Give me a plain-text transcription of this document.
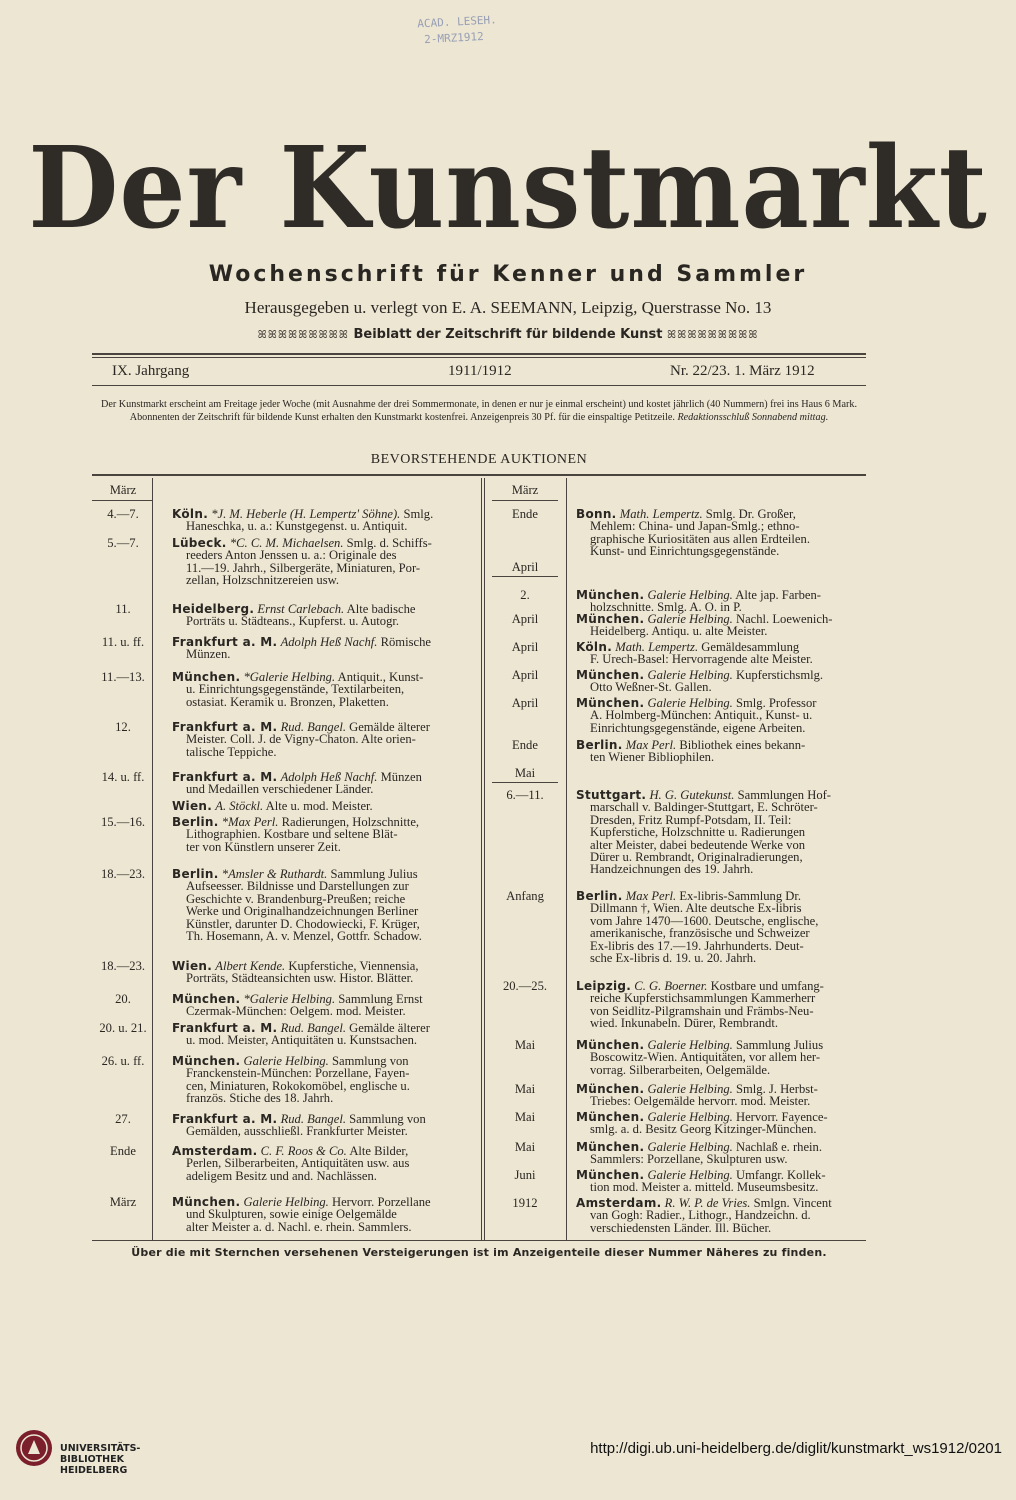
ACAD. LESEH.
2-MRZ1912
Der Kunstmarkt
Wochenschrift für Kenner und Sammler
Herausgegeben u. verlegt von E. A. SEEMANN, Leipzig, Querstrasse No. 13
ꕤꕤꕤꕤꕤꕤꕤꕤꕤ Beiblatt der Zeitschrift für bildende Kunst ꕤꕤꕤꕤꕤꕤꕤꕤꕤ
IX. Jahrgang	1911/1912	Nr. 22/23. 1. März 1912
Der Kunstmarkt erscheint am Freitage jeder Woche (mit Ausnahme der drei Sommermonate, in denen er nur je einmal erscheint) und kostet jährlich (40 Nummern) frei ins Haus 6 Mark. Abonnenten der Zeitschrift für bildende Kunst erhalten den Kunstmarkt kostenfrei. Anzeigenpreis 30 Pf. für die einspaltige Petitzeile. Redaktionsschluß Sonnabend mittag.
BEVORSTEHENDE AUKTIONEN
März	März
April
Mai
4.—7.	Köln. *J. M. Heberle (H. Lempertz' Söhne). Smlg.

Haneschka, u. a.: Kunstgegenst. u. Antiquit.

5.—7.	Lübeck. *C. C. M. Michaelsen. Smlg. d. Schiffs-

reeders Anton Jenssen u. a.: Originale des

11.—19. Jahrh., Silbergeräte, Miniaturen, Por-

zellan, Holzschnitzereien usw.

11.	Heidelberg. Ernst Carlebach. Alte badische

Porträts u. Städteans., Kupferst. u. Autogr.

11. u. ff.	Frankfurt a. M. Adolph Heß Nachf. Römische

Münzen.

11.—13.	München. *Galerie Helbing. Antiquit., Kunst-

u. Einrichtungsgegenstände, Textilarbeiten,

ostasiat. Keramik u. Bronzen, Plaketten.

12.	Frankfurt a. M. Rud. Bangel. Gemälde älterer

Meister. Coll. J. de Vigny-Chaton. Alte orien-

talische Teppiche.

14. u. ff.	Frankfurt a. M. Adolph Heß Nachf. Münzen

und Medaillen verschiedener Länder.

Wien. A. Stöckl. Alte u. mod. Meister.

15.—16.	Berlin. *Max Perl. Radierungen, Holzschnitte,

Lithographien. Kostbare und seltene Blät-

ter von Künstlern unserer Zeit.

18.—23.	Berlin. *Amsler & Ruthardt. Sammlung Julius

Aufseesser. Bildnisse und Darstellungen zur

Geschichte v. Brandenburg-Preußen; reiche

Werke und Originalhandzeichnungen Berliner

Künstler, darunter D. Chodowiecki, F. Krüger,

Th. Hosemann, A. v. Menzel, Gottfr. Schadow.

18.—23.	Wien. Albert Kende. Kupferstiche, Viennensia,

Porträts, Städteansichten usw. Histor. Blätter.

20.	München. *Galerie Helbing. Sammlung Ernst

Czermak-München: Oelgem. mod. Meister.

20. u. 21.	Frankfurt a. M. Rud. Bangel. Gemälde älterer

u. mod. Meister, Antiquitäten u. Kunstsachen.

26. u. ff.	München. Galerie Helbing. Sammlung von

Franckenstein-München: Porzellane, Fayen-

cen, Miniaturen, Rokokomöbel, englische u.

französ. Stiche des 18. Jahrh.

27.	Frankfurt a. M. Rud. Bangel. Sammlung von

Gemälden, ausschließl. Frankfurter Meister.

Ende	Amsterdam. C. F. Roos & Co. Alte Bilder,

Perlen, Silberarbeiten, Antiquitäten usw. aus

adeligem Besitz und and. Nachlässen.

März	München. Galerie Helbing. Hervorr. Porzellane

und Skulpturen, sowie einige Oelgemälde

alter Meister a. d. Nachl. e. rhein. Sammlers.

Ende	Bonn. Math. Lempertz. Smlg. Dr. Großer,

Mehlem: China- und Japan-Smlg.; ethno-

graphische Kuriositäten aus allen Erdteilen.

Kunst- und Einrichtungsgegenstände.

2.	München. Galerie Helbing. Alte jap. Farben-

holzschnitte. Smlg. A. O. in P.

April	München. Galerie Helbing. Nachl. Loewenich-

Heidelberg. Antiqu. u. alte Meister.

April	Köln. Math. Lempertz. Gemäldesammlung

F. Urech-Basel: Hervorragende alte Meister.

April	München. Galerie Helbing. Kupferstichsmlg.

Otto Weßner-St. Gallen.

April	München. Galerie Helbing. Smlg. Professor

A. Holmberg-München: Antiquit., Kunst- u.

Einrichtungsgegenstände, eigene Arbeiten.

Ende	Berlin. Max Perl. Bibliothek eines bekann-

ten Wiener Bibliophilen.

6.—11.	Stuttgart. H. G. Gutekunst. Sammlungen Hof-

marschall v. Baldinger-Stuttgart, E. Schröter-

Dresden, Fritz Rumpf-Potsdam, II. Teil:

Kupferstiche, Holzschnitte u. Radierungen

alter Meister, dabei bedeutende Werke von

Dürer u. Rembrandt, Originalradierungen,

Handzeichnungen des 19. Jahrh.

Anfang	Berlin. Max Perl. Ex-libris-Sammlung Dr.

Dillmann †, Wien. Alte deutsche Ex-libris

vom Jahre 1470—1600. Deutsche, englische,

amerikanische, französische und Schweizer

Ex-libris des 17.—19. Jahrhunderts. Deut-

sche Ex-libris d. 19. u. 20. Jahrh.

20.—25.	Leipzig. C. G. Boerner. Kostbare und umfang-

reiche Kupferstichsammlungen Kammerherr

von Seidlitz-Pilgramshain und Främbs-Neu-

wied. Inkunabeln. Dürer, Rembrandt.

Mai	München. Galerie Helbing. Sammlung Julius

Boscowitz-Wien. Antiquitäten, vor allem her-

vorrag. Silberarbeiten, Oelgemälde.

Mai	München. Galerie Helbing. Smlg. J. Herbst-

Triebes: Oelgemälde hervorr. mod. Meister.

Mai	München. Galerie Helbing. Hervorr. Fayence-

smlg. a. d. Besitz Georg Kitzinger-München.

Mai	München. Galerie Helbing. Nachlaß e. rhein.

Sammlers: Porzellane, Skulpturen usw.

Juni	München. Galerie Helbing. Umfangr. Kollek-

tion mod. Meister a. mitteld. Museumsbesitz.

1912	Amsterdam. R. W. P. de Vries. Smlgn. Vincent

van Gogh: Radier., Lithogr., Handzeichn. d.

verschiedensten Länder. Ill. Bücher.

Über die mit Sternchen versehenen Versteigerungen ist im Anzeigenteile dieser Nummer Näheres zu finden.
UNIVERSITÄTS-
BIBLIOTHEK
HEIDELBERG
http://digi.ub.uni-heidelberg.de/diglit/kunstmarkt_ws1912/0201
